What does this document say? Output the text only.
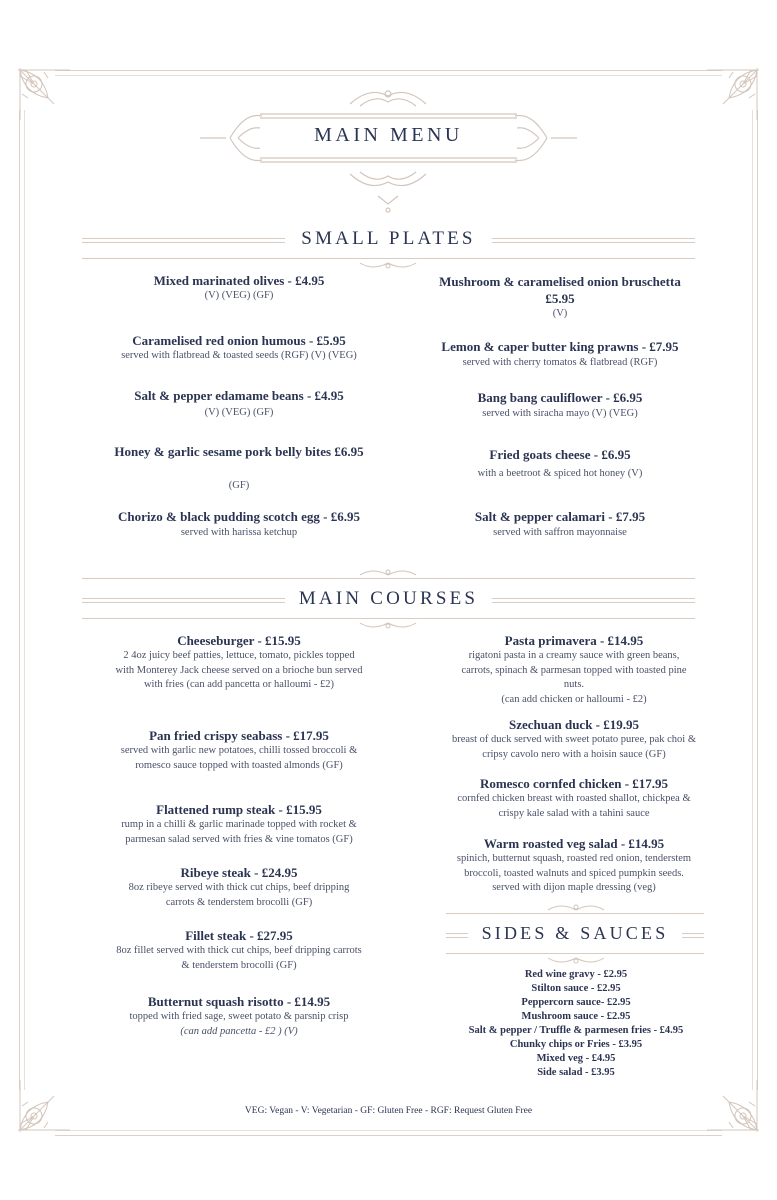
MAIN MENU
SMALL PLATES
Mixed marinated olives - £4.95
(V) (VEG) (GF)
Caramelised red onion humous - £5.95
served with flatbread & toasted seeds (RGF) (V) (VEG)
Salt & pepper edamame beans - £4.95
(V) (VEG) (GF)
Honey & garlic sesame pork belly bites £6.95
(GF)
Chorizo & black pudding scotch egg - £6.95
served with harissa ketchup
Mushroom & caramelised onion bruschetta
£5.95
(V)
Lemon & caper butter king prawns - £7.95
served with cherry tomatos & flatbread (RGF)
Bang bang cauliflower - £6.95
served with siracha mayo (V) (VEG)
Fried goats cheese - £6.95
with a beetroot & spiced hot honey (V)
Salt & pepper calamari - £7.95
served with saffron mayonnaise
MAIN COURSES
Cheeseburger - £15.95
2 4oz juicy beef patties, lettuce, tomato, pickles topped
with Monterey Jack cheese served on a brioche bun served
with fries (can add pancetta or halloumi - £2)
Pan fried crispy seabass - £17.95
served with garlic new potatoes, chilli tossed broccoli &
romesco sauce topped with toasted almonds (GF)
Flattened rump steak - £15.95
rump in a chilli & garlic marinade topped with rocket &
parmesan salad served with fries & vine tomatos (GF)
Ribeye steak - £24.95
8oz ribeye served with thick cut chips, beef dripping
carrots & tenderstem brocolli (GF)
Fillet steak - £27.95
8oz fillet served with thick cut chips, beef dripping carrots
& tenderstem brocolli (GF)
Butternut squash risotto - £14.95
topped with fried sage, sweet potato & parsnip crisp
(can add pancetta - £2 ) (V)
Pasta primavera - £14.95
rigatoni pasta in a creamy sauce with green beans,
carrots, spinach & parmesan topped with toasted pine
nuts.
(can add chicken or halloumi - £2)
Szechuan duck - £19.95
breast of duck served with sweet potato puree, pak choi &
cripsy cavolo nero with a hoisin sauce (GF)
Romesco cornfed chicken - £17.95
cornfed chicken breast with roasted shallot, chickpea &
crispy kale salad with a tahini sauce
Warm roasted veg salad - £14.95
spinich, butternut squash, roasted red onion, tenderstem
broccoli, toasted walnuts and spiced pumpkin seeds.
served with dijon maple dressing (veg)
SIDES & SAUCES
Red wine gravy - £2.95
Stilton sauce - £2.95
Peppercorn sauce- £2.95
Mushroom sauce - £2.95
Salt & pepper / Truffle & parmesen fries - £4.95
Chunky chips or Fries - £3.95
Mixed veg - £4.95
Side salad - £3.95
VEG: Vegan - V: Vegetarian - GF: Gluten Free - RGF: Request Gluten Free
